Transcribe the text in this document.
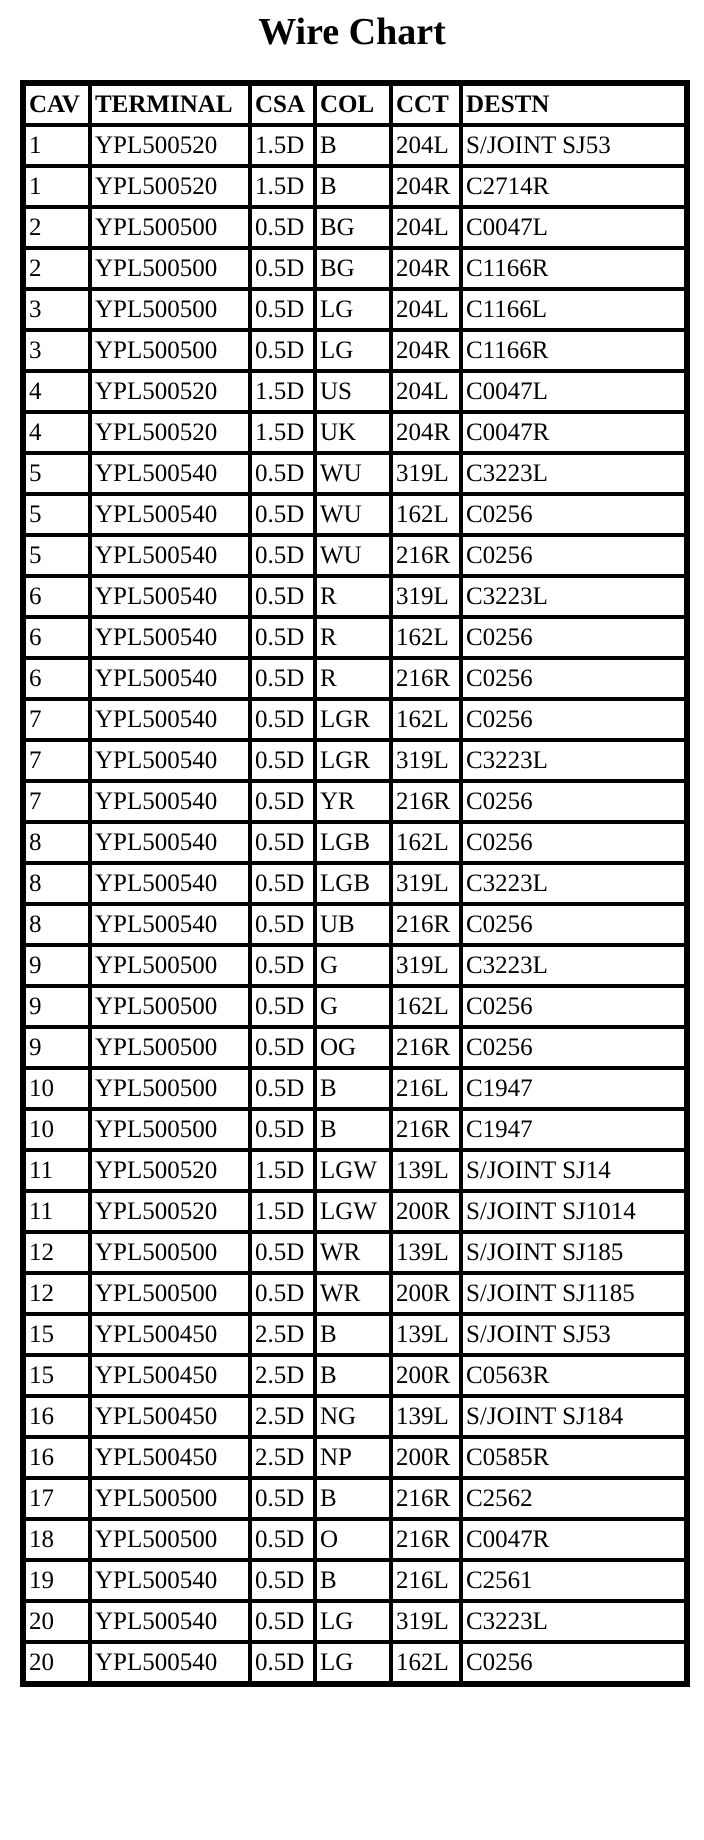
Wire Chart
CAV	TERMINAL	CSA	COL	CCT	DESTN
1	YPL500520	1.5D	B	204L	S/JOINT SJ53
1	YPL500520	1.5D	B	204R	C2714R
2	YPL500500	0.5D	BG	204L	C0047L
2	YPL500500	0.5D	BG	204R	C1166R
3	YPL500500	0.5D	LG	204L	C1166L
3	YPL500500	0.5D	LG	204R	C1166R
4	YPL500520	1.5D	US	204L	C0047L
4	YPL500520	1.5D	UK	204R	C0047R
5	YPL500540	0.5D	WU	319L	C3223L
5	YPL500540	0.5D	WU	162L	C0256
5	YPL500540	0.5D	WU	216R	C0256
6	YPL500540	0.5D	R	319L	C3223L
6	YPL500540	0.5D	R	162L	C0256
6	YPL500540	0.5D	R	216R	C0256
7	YPL500540	0.5D	LGR	162L	C0256
7	YPL500540	0.5D	LGR	319L	C3223L
7	YPL500540	0.5D	YR	216R	C0256
8	YPL500540	0.5D	LGB	162L	C0256
8	YPL500540	0.5D	LGB	319L	C3223L
8	YPL500540	0.5D	UB	216R	C0256
9	YPL500500	0.5D	G	319L	C3223L
9	YPL500500	0.5D	G	162L	C0256
9	YPL500500	0.5D	OG	216R	C0256
10	YPL500500	0.5D	B	216L	C1947
10	YPL500500	0.5D	B	216R	C1947
11	YPL500520	1.5D	LGW	139L	S/JOINT SJ14
11	YPL500520	1.5D	LGW	200R	S/JOINT SJ1014
12	YPL500500	0.5D	WR	139L	S/JOINT SJ185
12	YPL500500	0.5D	WR	200R	S/JOINT SJ1185
15	YPL500450	2.5D	B	139L	S/JOINT SJ53
15	YPL500450	2.5D	B	200R	C0563R
16	YPL500450	2.5D	NG	139L	S/JOINT SJ184
16	YPL500450	2.5D	NP	200R	C0585R
17	YPL500500	0.5D	B	216R	C2562
18	YPL500500	0.5D	O	216R	C0047R
19	YPL500540	0.5D	B	216L	C2561
20	YPL500540	0.5D	LG	319L	C3223L
20	YPL500540	0.5D	LG	162L	C0256
